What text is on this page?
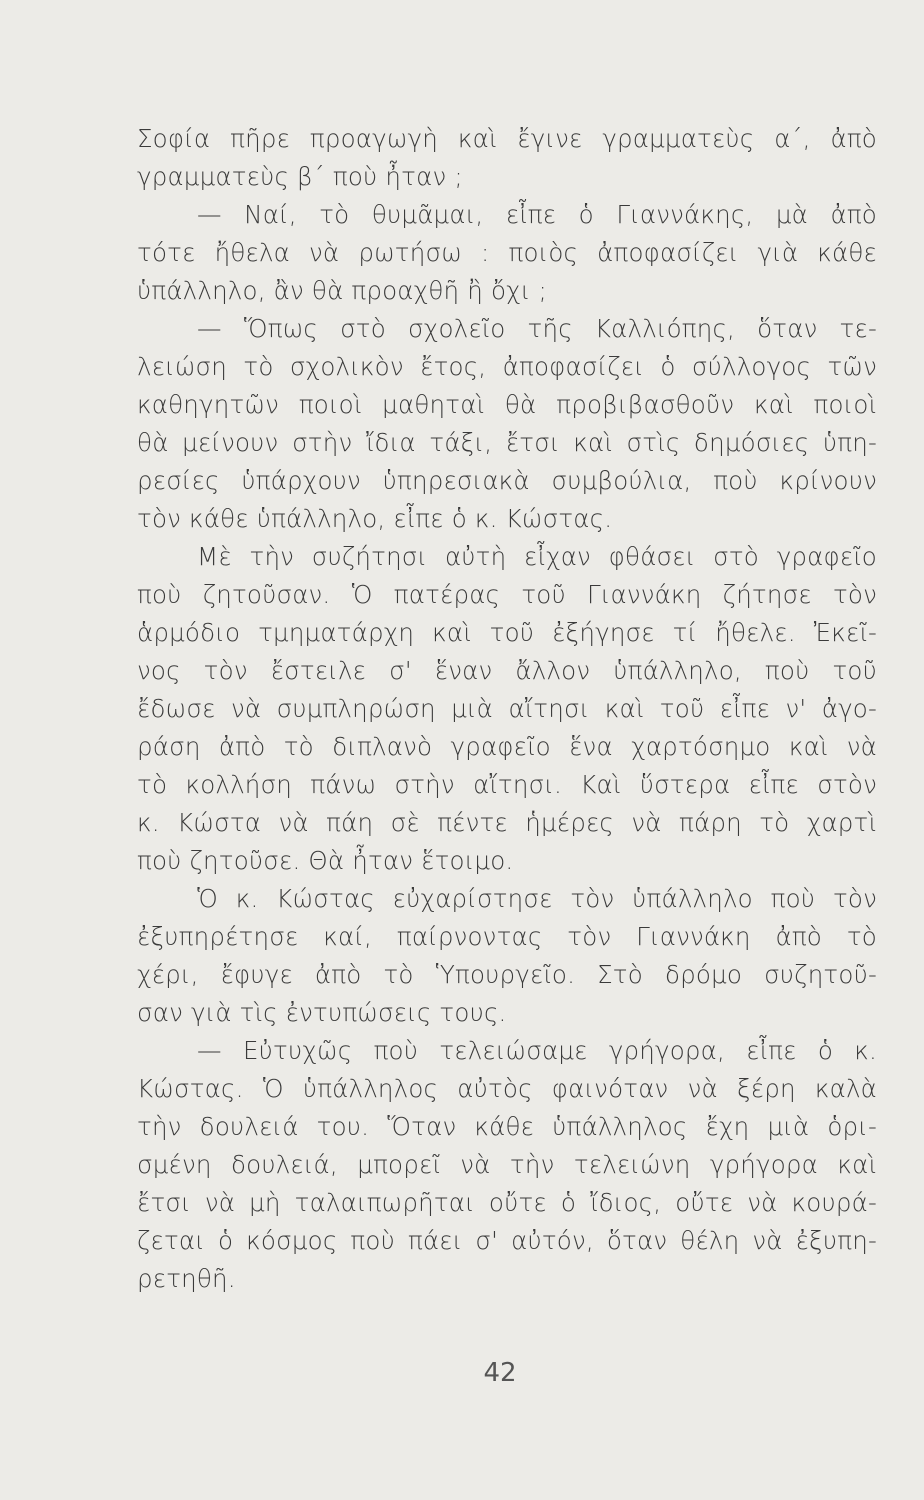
Σοφία πῆρε προαγωγὴ καὶ ἔγινε γραμματεὺς α΄, ἀπὸ
γραμματεὺς β΄ ποὺ ἦταν ;
— Ναί, τὸ θυμᾶμαι, εἶπε ὁ Γιαννάκης, μὰ ἀπὸ
τότε ἤθελα νὰ ρωτήσω : ποιὸς ἀποφασίζει γιὰ κάθε
ὑπάλληλο, ἂν θὰ προαχθῆ ἢ ὄχι ;
— Ὅπως στὸ σχολεῖο τῆς Καλλιόπης, ὅταν τε-
λειώση τὸ σχολικὸν ἔτος, ἀποφασίζει ὁ σύλλογος τῶν
καθηγητῶν ποιοὶ μαθηταὶ θὰ προβιβασθοῦν καὶ ποιοὶ
θὰ μείνουν στὴν ἴδια τάξι, ἔτσι καὶ στὶς δημόσιες ὑπη-
ρεσίες ὑπάρχουν ὑπηρεσιακὰ συμβούλια, ποὺ κρίνουν
τὸν κάθε ὑπάλληλο, εἶπε ὁ κ. Κώστας.
Μὲ τὴν συζήτησι αὐτὴ εἶχαν φθάσει στὸ γραφεῖο
ποὺ ζητοῦσαν. Ὁ πατέρας τοῦ Γιαννάκη ζήτησε τὸν
ἁρμόδιο τμηματάρχη καὶ τοῦ ἐξήγησε τί ἤθελε. Ἐκεῖ-
νος τὸν ἔστειλε σ' ἕναν ἄλλον ὑπάλληλο, ποὺ τοῦ
ἔδωσε νὰ συμπληρώση μιὰ αἴτησι καὶ τοῦ εἶπε ν' ἀγο-
ράση ἀπὸ τὸ διπλανὸ γραφεῖο ἕνα χαρτόσημο καὶ νὰ
τὸ κολλήση πάνω στὴν αἴτησι. Καὶ ὕστερα εἶπε στὸν
κ. Κώστα νὰ πάη σὲ πέντε ἡμέρες νὰ πάρη τὸ χαρτὶ
ποὺ ζητοῦσε. Θὰ ἦταν ἕτοιμο.
Ὁ κ. Κώστας εὐχαρίστησε τὸν ὑπάλληλο ποὺ τὸν
ἐξυπηρέτησε καί, παίρνοντας τὸν Γιαννάκη ἀπὸ τὸ
χέρι, ἔφυγε ἀπὸ τὸ Ὑπουργεῖο. Στὸ δρόμο συζητοῦ-
σαν γιὰ τὶς ἐντυπώσεις τους.
— Εὐτυχῶς ποὺ τελειώσαμε γρήγορα, εἶπε ὁ κ.
Κώστας. Ὁ ὑπάλληλος αὐτὸς φαινόταν νὰ ξέρη καλὰ
τὴν δουλειά του. Ὅταν κάθε ὑπάλληλος ἔχη μιὰ ὁρι-
σμένη δουλειά, μπορεῖ νὰ τὴν τελειώνη γρήγορα καὶ
ἔτσι νὰ μὴ ταλαιπωρῆται οὔτε ὁ ἴδιος, οὔτε νὰ κουρά-
ζεται ὁ κόσμος ποὺ πάει σ' αὐτόν, ὅταν θέλη νὰ ἐξυπη-
ρετηθῆ.
42
